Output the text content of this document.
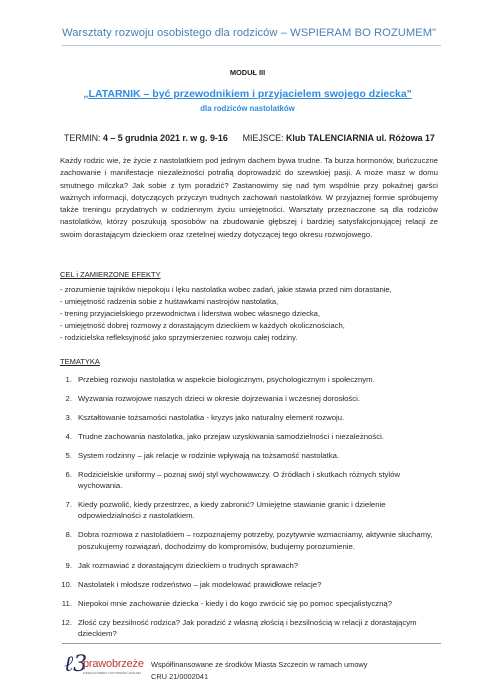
Warsztaty rozwoju osobistego dla rodziców – WSPIERAM BO ROZUMEM"
MODUŁ III
„LATARNIK – być przewodnikiem i przyjacielem swojego dziecka"
dla rodziców nastolatków
TERMIN: 4 – 5 grudnia 2021 r. w g. 9-16 MIEJSCE: Klub TALENCIARNIA ul. Różowa 17

Każdy rodzic wie, że życie z nastolatkiem pod jednym dachem bywa trudne. Ta burza hormonów, buńczuczne zachowanie i manifestacje niezależności potrafią doprowadzić do szewskiej pasji. A może masz w domu smutnego milczka? Jak sobie z tym poradzić? Zastanowimy się nad tym wspólnie przy pokaźnej garści ważnych informacji, dotyczących przyczyn trudnych zachowań nastolatków. W przyjaznej formie spróbujemy także treningu przydatnych w codziennym życiu umiejętności. Warsztaty przeznaczone są dla rodziców nastolatków, którzy poszukują sposobów na zbudowanie głębszej i bardziej satysfakcjonującej relacji ze swoim dorastającym dzieckiem oraz rzetelnej wiedzy dotyczącej tego okresu rozwojowego.

CEL i ZAMIERZONE EFEKTY
- zrozumienie tajników niepokoju i lęku nastolatka wobec zadań, jakie stawia przed nim dorastanie,
- umiejętność radzenia sobie z huśtawkami nastrojów nastolatka,
- trening przyjacielskiego przewodnictwa i liderstwa wobec własnego dziecka,
- umiejętność dobrej rozmowy z dorastającym dzieckiem w każdych okolicznościach,
- rodzicielska refleksyjność jako sprzymierzeniec rozwoju całej rodziny.
TEMATYKA
1. Przebieg rozwoju nastolatka w aspekcie biologicznym, psychologicznym i społecznym.
2. Wyzwania rozwojowe naszych dzieci w okresie dojrzewania i wczesnej dorosłości.
3. Kształtowanie tożsamości nastolatka - kryzys jako naturalny element rozwoju.
4. Trudne zachowania nastolatka, jako przejaw uzyskiwania samodzielności i niezależności.
5. System rodzinny – jak relacje w rodzinie wpływają na tożsamość nastolatka.
6. Rodzicielskie uniformy – poznaj swój styl wychowawczy. O źródłach i skutkach różnych stylów wychowania.
7. Kiedy pozwolić, kiedy przestrzec, a kiedy zabronić? Umiejętne stawianie granic i dzielenie odpowiedzialności z nastolatkiem.
8. Dobra rozmowa z nastolatkiem – rozpoznajemy potrzeby, pozytywnie wzmacniamy, aktywnie słuchamy, poszukujemy rozwiązań, dochodzimy do kompromisów, budujemy porozumienie.
9. Jak rozmawiać z dorastającym dzieckiem o trudnych sprawach?
10. Nastolatek i młodsze rodzeństwo – jak modelować prawidłowe relacje?
11. Niepokoi mnie zachowanie dziecka - kiedy i do kogo zwrócić się po pomoc specjalistyczną?
12. Złość czy bezsilność rodzica? Jak poradzić z własną złością i bezsilnością w relacji z dorastającym dzieckiem?
ℓ3
prawobrzeże
FUNDACJA WIEDZY I AKTYWNOŚCI LOKALNEJ
Współfinansowane ze środków Miasta Szczecin w ramach umowy
CRU 21/0002041
